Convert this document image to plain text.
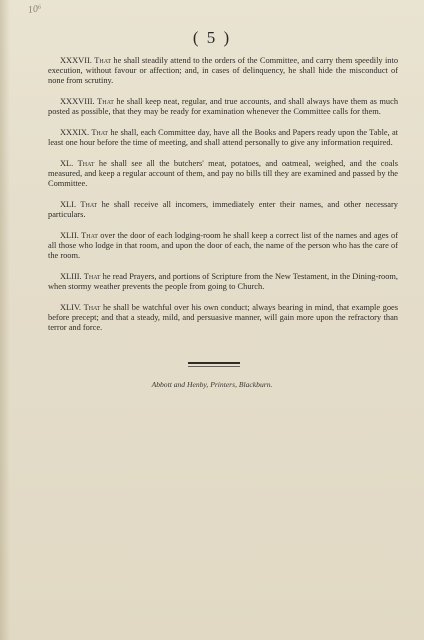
10⁶
( 5 )

XXXVII. That he shall steadily attend to the orders of the Committee, and carry them speedily into execution, without favour or affection; and, in cases of delinquency, he shall hide the misconduct of none from scrutiny.

XXXVIII. That he shall keep neat, regular, and true accounts, and shall always have them as much posted as possible, that they may be ready for examination whenever the Committee calls for them.

XXXIX. That he shall, each Committee day, have all the Books and Papers ready upon the Table, at least one hour before the time of meeting, and shall attend personally to give any information required.

XL. That he shall see all the butchers' meat, potatoes, and oatmeal, weighed, and the coals measured, and keep a regular account of them, and pay no bills till they are examined and passed by the Committee.

XLI. That he shall receive all incomers, immediately enter their names, and other necessary particulars.

XLII. That over the door of each lodging-room he shall keep a correct list of the names and ages of all those who lodge in that room, and upon the door of each, the name of the person who has the care of the room.

XLIII. That he read Prayers, and portions of Scripture from the New Testament, in the Dining-room, when stormy weather prevents the people from going to Church.

XLIV. That he shall be watchful over his own conduct; always bearing in mind, that example goes before precept; and that a steady, mild, and persuasive manner, will gain more upon the refractory than terror and force.

Abbott and Henby, Printers, Blackburn.
